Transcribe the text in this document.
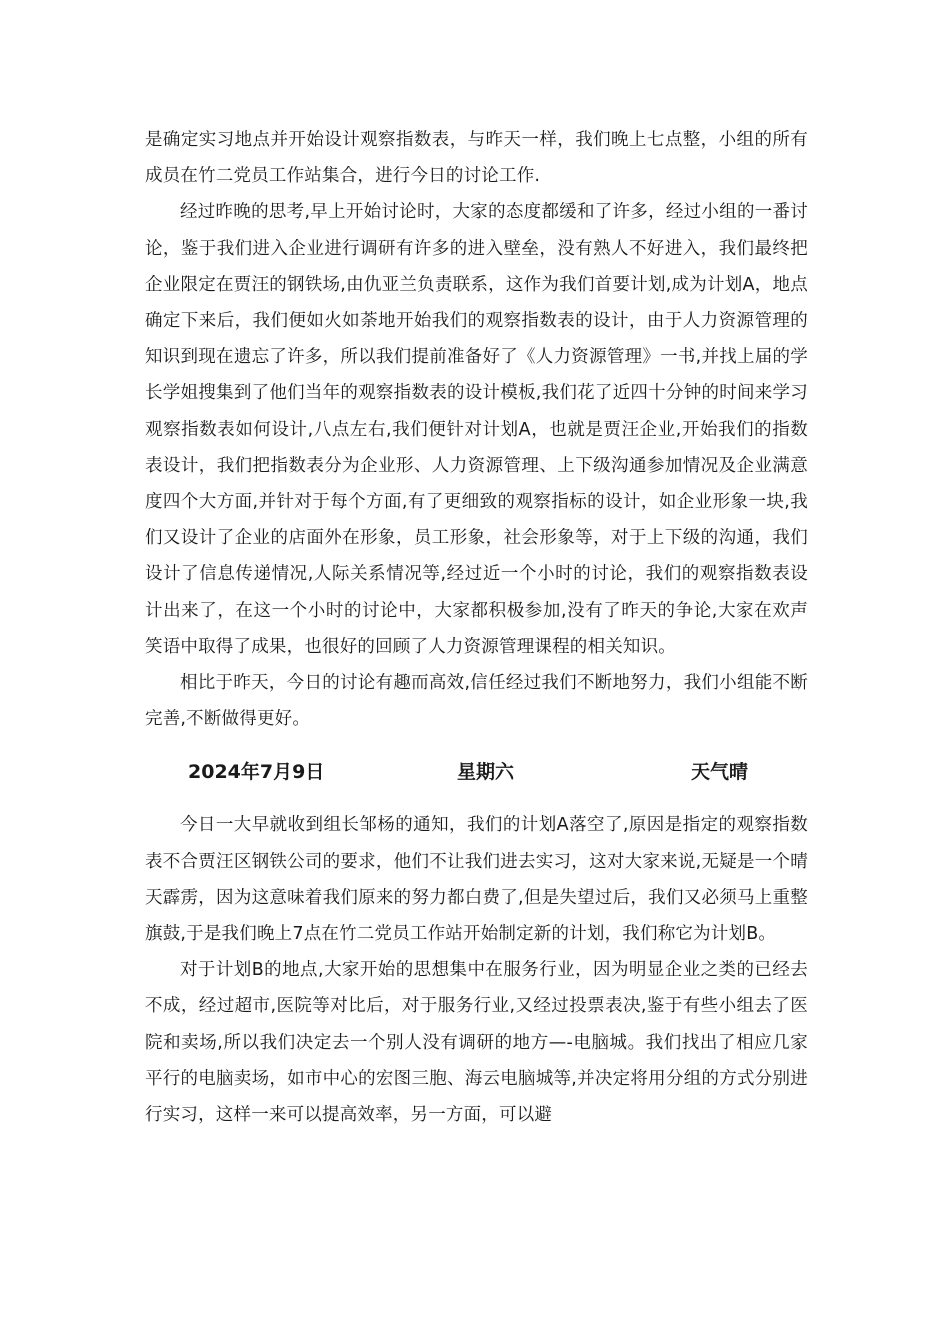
是确定实习地点并开始设计观察指数表，与昨天一样，我们晚上七点整，小组的所有成员在竹二党员工作站集合，进行今日的讨论工作.

经过昨晚的思考,早上开始讨论时，大家的态度都缓和了许多，经过小组的一番讨论，鉴于我们进入企业进行调研有许多的进入壁垒，没有熟人不好进入，我们最终把企业限定在贾汪的钢铁场,由仇亚兰负责联系，这作为我们首要计划,成为计划A，地点确定下来后，我们便如火如荼地开始我们的观察指数表的设计，由于人力资源管理的知识到现在遗忘了许多，所以我们提前准备好了《人力资源管理》一书,并找上届的学长学姐搜集到了他们当年的观察指数表的设计模板,我们花了近四十分钟的时间来学习观察指数表如何设计,八点左右,我们便针对计划A，也就是贾汪企业,开始我们的指数表设计，我们把指数表分为企业形、人力资源管理、上下级沟通参加情况及企业满意度四个大方面,并针对于每个方面,有了更细致的观察指标的设计，如企业形象一块,我们又设计了企业的店面外在形象，员工形象，社会形象等，对于上下级的沟通，我们设计了信息传递情况,人际关系情况等,经过近一个小时的讨论，我们的观察指数表设计出来了，在这一个小时的讨论中，大家都积极参加,没有了昨天的争论,大家在欢声笑语中取得了成果，也很好的回顾了人力资源管理课程的相关知识。

相比于昨天，今日的讨论有趣而高效,信任经过我们不断地努力，我们小组能不断完善,不断做得更好。

2024年7月9日	星期六	天气晴

今日一大早就收到组长邹杨的通知，我们的计划A落空了,原因是指定的观察指数表不合贾汪区钢铁公司的要求，他们不让我们进去实习，这对大家来说,无疑是一个晴天霹雳，因为这意味着我们原来的努力都白费了,但是失望过后，我们又必须马上重整旗鼓,于是我们晚上7点在竹二党员工作站开始制定新的计划，我们称它为计划B。

对于计划B的地点,大家开始的思想集中在服务行业，因为明显企业之类的已经去不成，经过超市,医院等对比后，对于服务行业,又经过投票表决,鉴于有些小组去了医院和卖场,所以我们决定去一个别人没有调研的地方—-电脑城。我们找出了相应几家平行的电脑卖场，如市中心的宏图三胞、海云电脑城等,并决定将用分组的方式分别进行实习，这样一来可以提高效率，另一方面，可以避
